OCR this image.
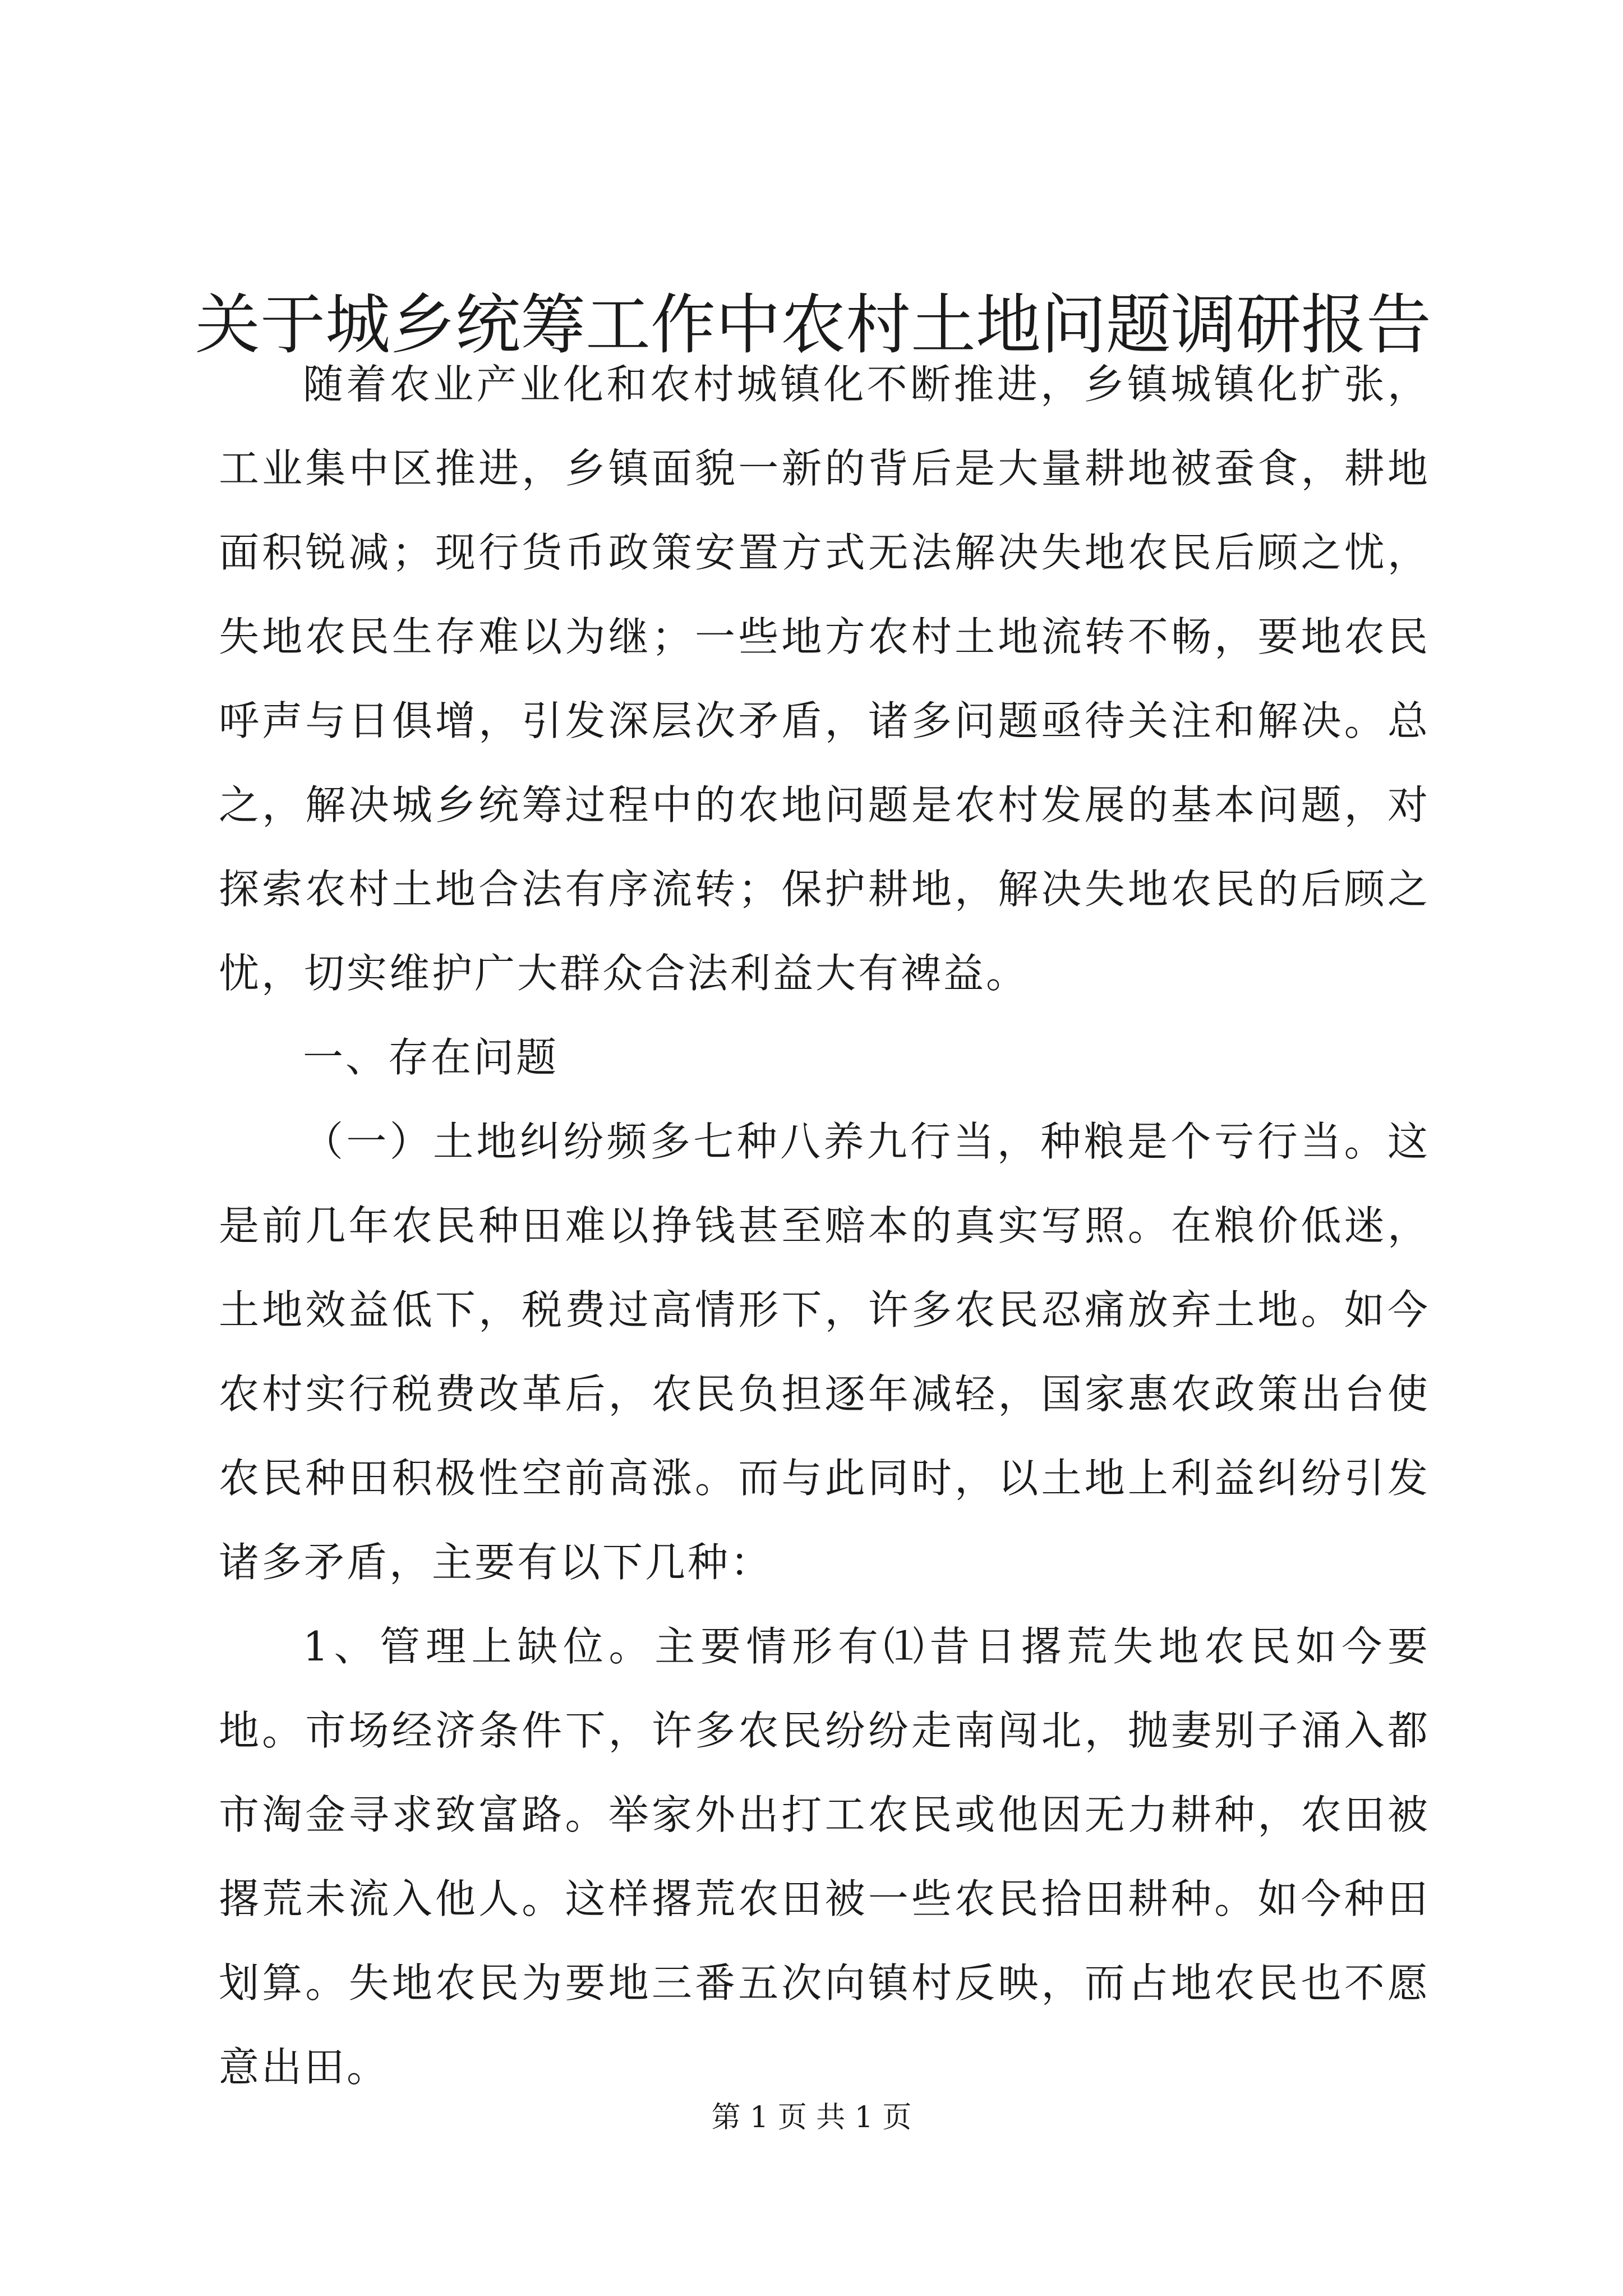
关于城乡统筹工作中农村土地问题调研报告

随着农业产业化和农村城镇化不断推进，乡镇城镇化扩张，工业集中区推进，乡镇面貌一新的背后是大量耕地被蚕食，耕地面积锐减；现行货币政策安置方式无法解决失地农民后顾之忧，失地农民生存难以为继；一些地方农村土地流转不畅，要地农民呼声与日俱增，引发深层次矛盾，诸多问题亟待关注和解决。总之，解决城乡统筹过程中的农地问题是农村发展的基本问题，对探索农村土地合法有序流转；保护耕地，解决失地农民的后顾之忧，切实维护广大群众合法利益大有裨益。

一、存在问题

（一）土地纠纷频多七种八养九行当，种粮是个亏行当。这是前几年农民种田难以挣钱甚至赔本的真实写照。在粮价低迷，土地效益低下，税费过高情形下，许多农民忍痛放弃土地。如今农村实行税费改革后，农民负担逐年减轻，国家惠农政策出台使农民种田积极性空前高涨。而与此同时，以土地上利益纠纷引发诸多矛盾，主要有以下几种：

1、管理上缺位。主要情形有⑴昔日撂荒失地农民如今要地。市场经济条件下，许多农民纷纷走南闯北，抛妻别子涌入都市淘金寻求致富路。举家外出打工农民或他因无力耕种，农田被撂荒未流入他人。这样撂荒农田被一些农民拾田耕种。如今种田划算。失地农民为要地三番五次向镇村反映，而占地农民也不愿意出田。

第 1 页 共 1 页
